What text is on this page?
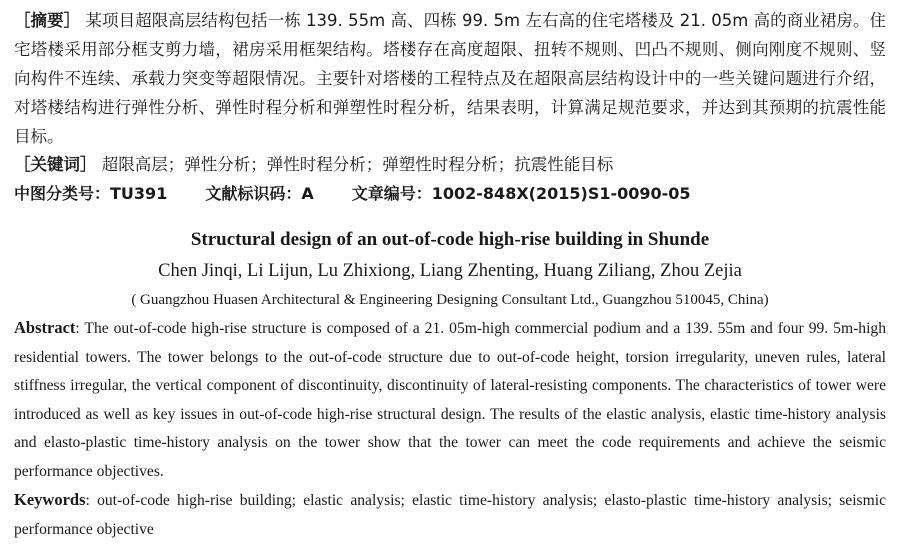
［摘要］ 某项目超限高层结构包括一栋 139. 55m 高、四栋 99. 5m 左右高的住宅塔楼及 21. 05m 高的商业裙房。住宅塔楼采用部分框支剪力墙，裙房采用框架结构。塔楼存在高度超限、扭转不规则、凹凸不规则、侧向刚度不规则、竖向构件不连续、承载力突变等超限情况。主要针对塔楼的工程特点及在超限高层结构设计中的一些关键问题进行介绍，对塔楼结构进行弹性分析、弹性时程分析和弹塑性时程分析，结果表明，计算满足规范要求，并达到其预期的抗震性能目标。
［关键词］ 超限高层；弹性分析；弹性时程分析；弹塑性时程分析；抗震性能目标
中图分类号：TU391 文献标识码：A 文章编号：1002-848X(2015)S1-0090-05
Structural design of an out-of-code high-rise building in Shunde
Chen Jinqi, Li Lijun, Lu Zhixiong, Liang Zhenting, Huang Ziliang, Zhou Zejia
( Guangzhou Huasen Architectural & Engineering Designing Consultant Ltd., Guangzhou 510045, China)
Abstract: The out-of-code high-rise structure is composed of a 21. 05m-high commercial podium and a 139. 55m and four 99. 5m-high residential towers. The tower belongs to the out-of-code structure due to out-of-code height, torsion irregularity, uneven rules, lateral stiffness irregular, the vertical component of discontinuity, discontinuity of lateral-resisting components. The characteristics of tower were introduced as well as key issues in out-of-code high-rise structural design. The results of the elastic analysis, elastic time-history analysis and elasto-plastic time-history analysis on the tower show that the tower can meet the code requirements and achieve the seismic performance objectives.
Keywords: out-of-code high-rise building; elastic analysis; elastic time-history analysis; elasto-plastic time-history analysis; seismic performance objective
